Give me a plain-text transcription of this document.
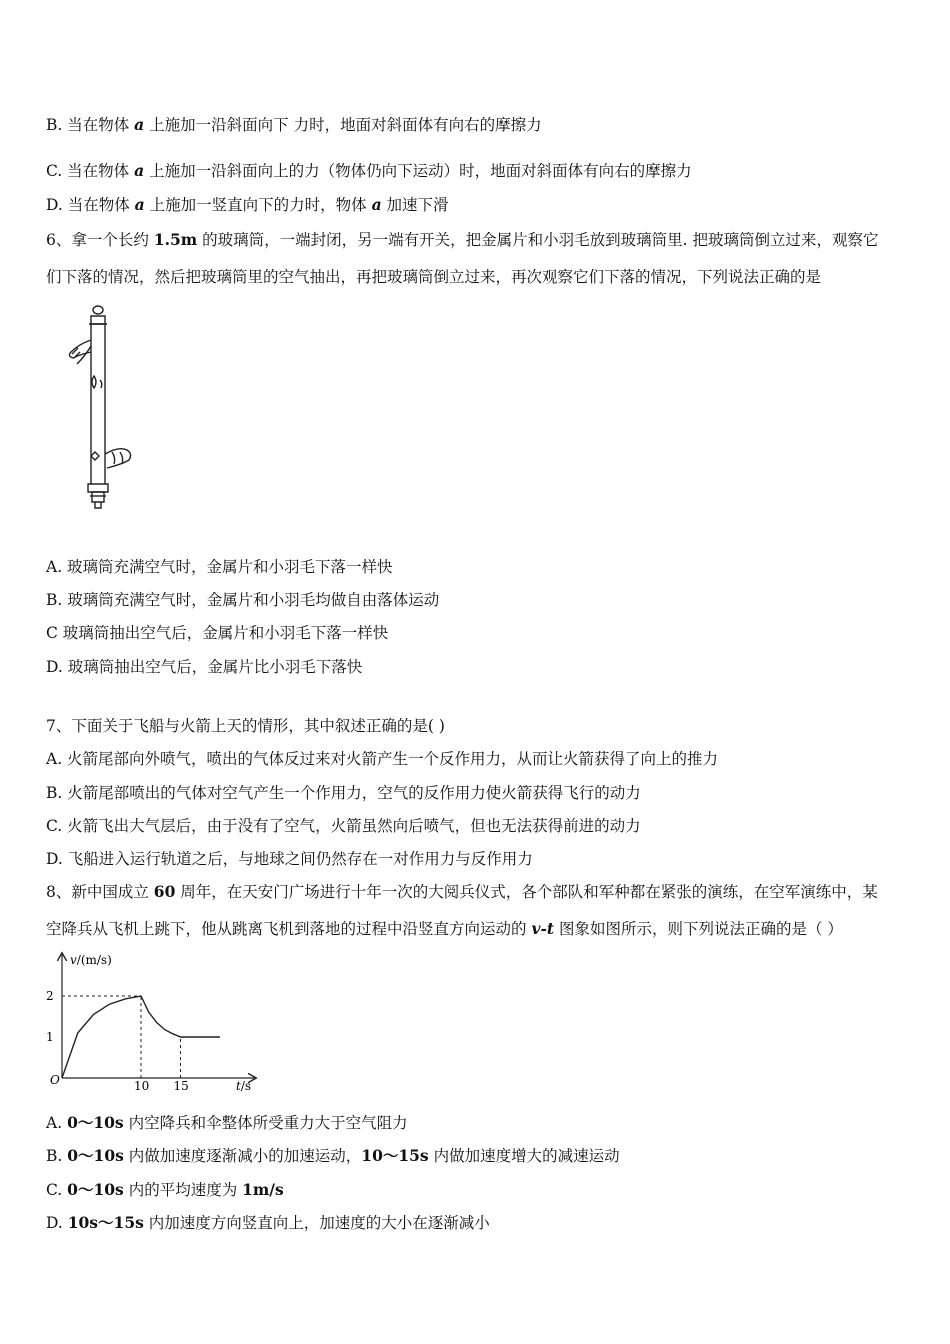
B. 当在物体 a 上施加一沿斜面向下 力时，地面对斜面体有向右的摩擦力
C. 当在物体 a 上施加一沿斜面向上的力（物体仍向下运动）时，地面对斜面体有向右的摩擦力
D. 当在物体 a 上施加一竖直向下的力时，物体 a 加速下滑
6、拿一个长约 1.5m 的玻璃筒，一端封闭，另一端有开关，把金属片和小羽毛放到玻璃筒里. 把玻璃筒倒立过来，观察它
们下落的情况，然后把玻璃筒里的空气抽出，再把玻璃筒倒立过来，再次观察它们下落的情况，下列说法正确的是
A. 玻璃筒充满空气时，金属片和小羽毛下落一样快
B. 玻璃筒充满空气时，金属片和小羽毛均做自由落体运动
C 玻璃筒抽出空气后，金属片和小羽毛下落一样快
D. 玻璃筒抽出空气后，金属片比小羽毛下落快
7、下面关于飞船与火箭上天的情形，其中叙述正确的是( )
A. 火箭尾部向外喷气，喷出的气体反过来对火箭产生一个反作用力，从而让火箭获得了向上的推力
B. 火箭尾部喷出的气体对空气产生一个作用力，空气的反作用力使火箭获得飞行的动力
C. 火箭飞出大气层后，由于没有了空气，火箭虽然向后喷气，但也无法获得前进的动力
D. 飞船进入运行轨道之后，与地球之间仍然存在一对作用力与反作用力
8、新中国成立 60 周年，在天安门广场进行十年一次的大阅兵仪式，各个部队和军种都在紧张的演练，在空军演练中，某
空降兵从飞机上跳下，他从跳离飞机到落地的过程中沿竖直方向运动的 v-t 图象如图所示，则下列说法正确的是（ ）
v/(m/s)
t/s
O	10 15
1
2
A. 0～10s 内空降兵和伞整体所受重力大于空气阻力
B. 0～10s 内做加速度逐渐减小的加速运动，10～15s 内做加速度增大的减速运动
C. 0～10s 内的平均速度为 1m/s
D. 10s～15s 内加速度方向竖直向上，加速度的大小在逐渐减小
